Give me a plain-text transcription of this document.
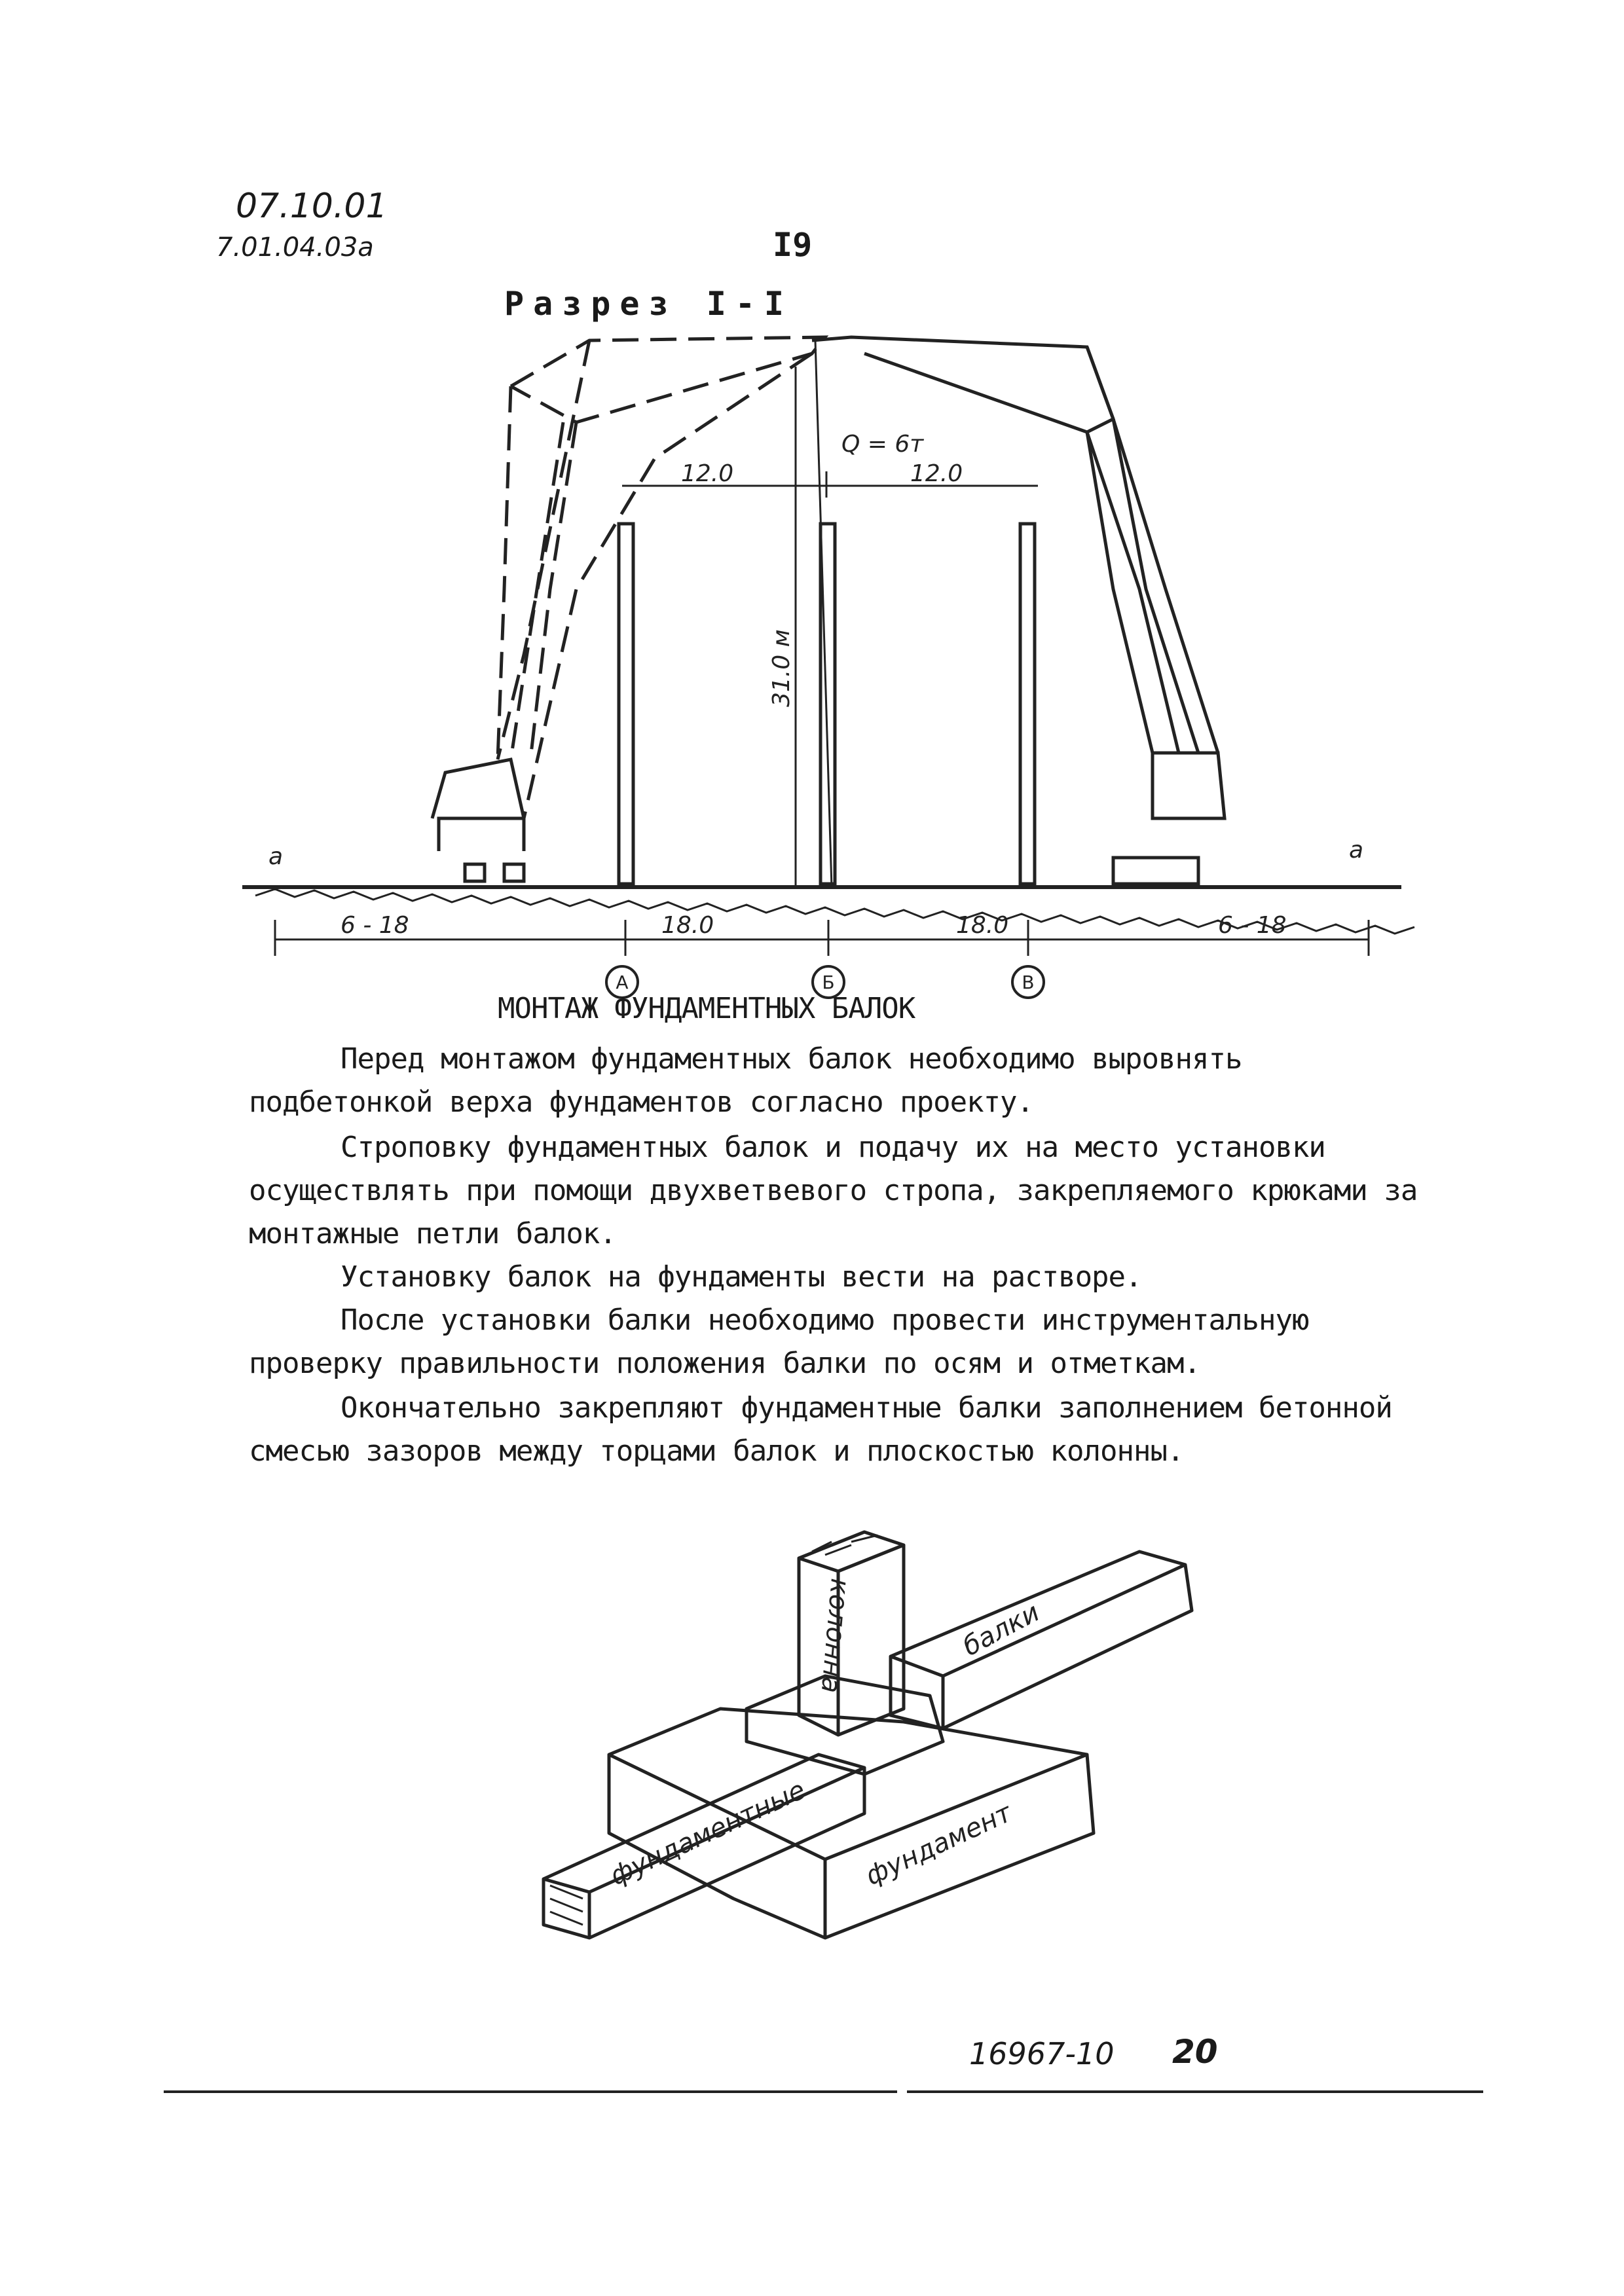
07.10.01
7.01.04.03a	I9
Разрез I-I
Q = 6т
12.0	12.0
31.0 м
a	a
6 - 18	18.0	18.0	6 - 18
А	Б	В
МОНТАЖ ФУНДАМЕНТНЫХ БАЛОК
Перед монтажом фундаментных балок необходимо выровнять подбетонкой верха фундаментов согласно проекту.
Строповку фундаментных балок и подачу их на место установки осуществлять при помощи двухветвевого стропа, закрепляемого крюками за монтажные петли балок.
Установку балок на фундаменты вести на растворе.
После установки балки необходимо провести инструментальную проверку правильности положения балки по осям и отметкам.
Окончательно закрепляют фундаментные балки заполнением бетонной смесью зазоров между торцами балок и плоскостью колонны.
колонна	балки
фундаментные фундамент
16967-10 20
